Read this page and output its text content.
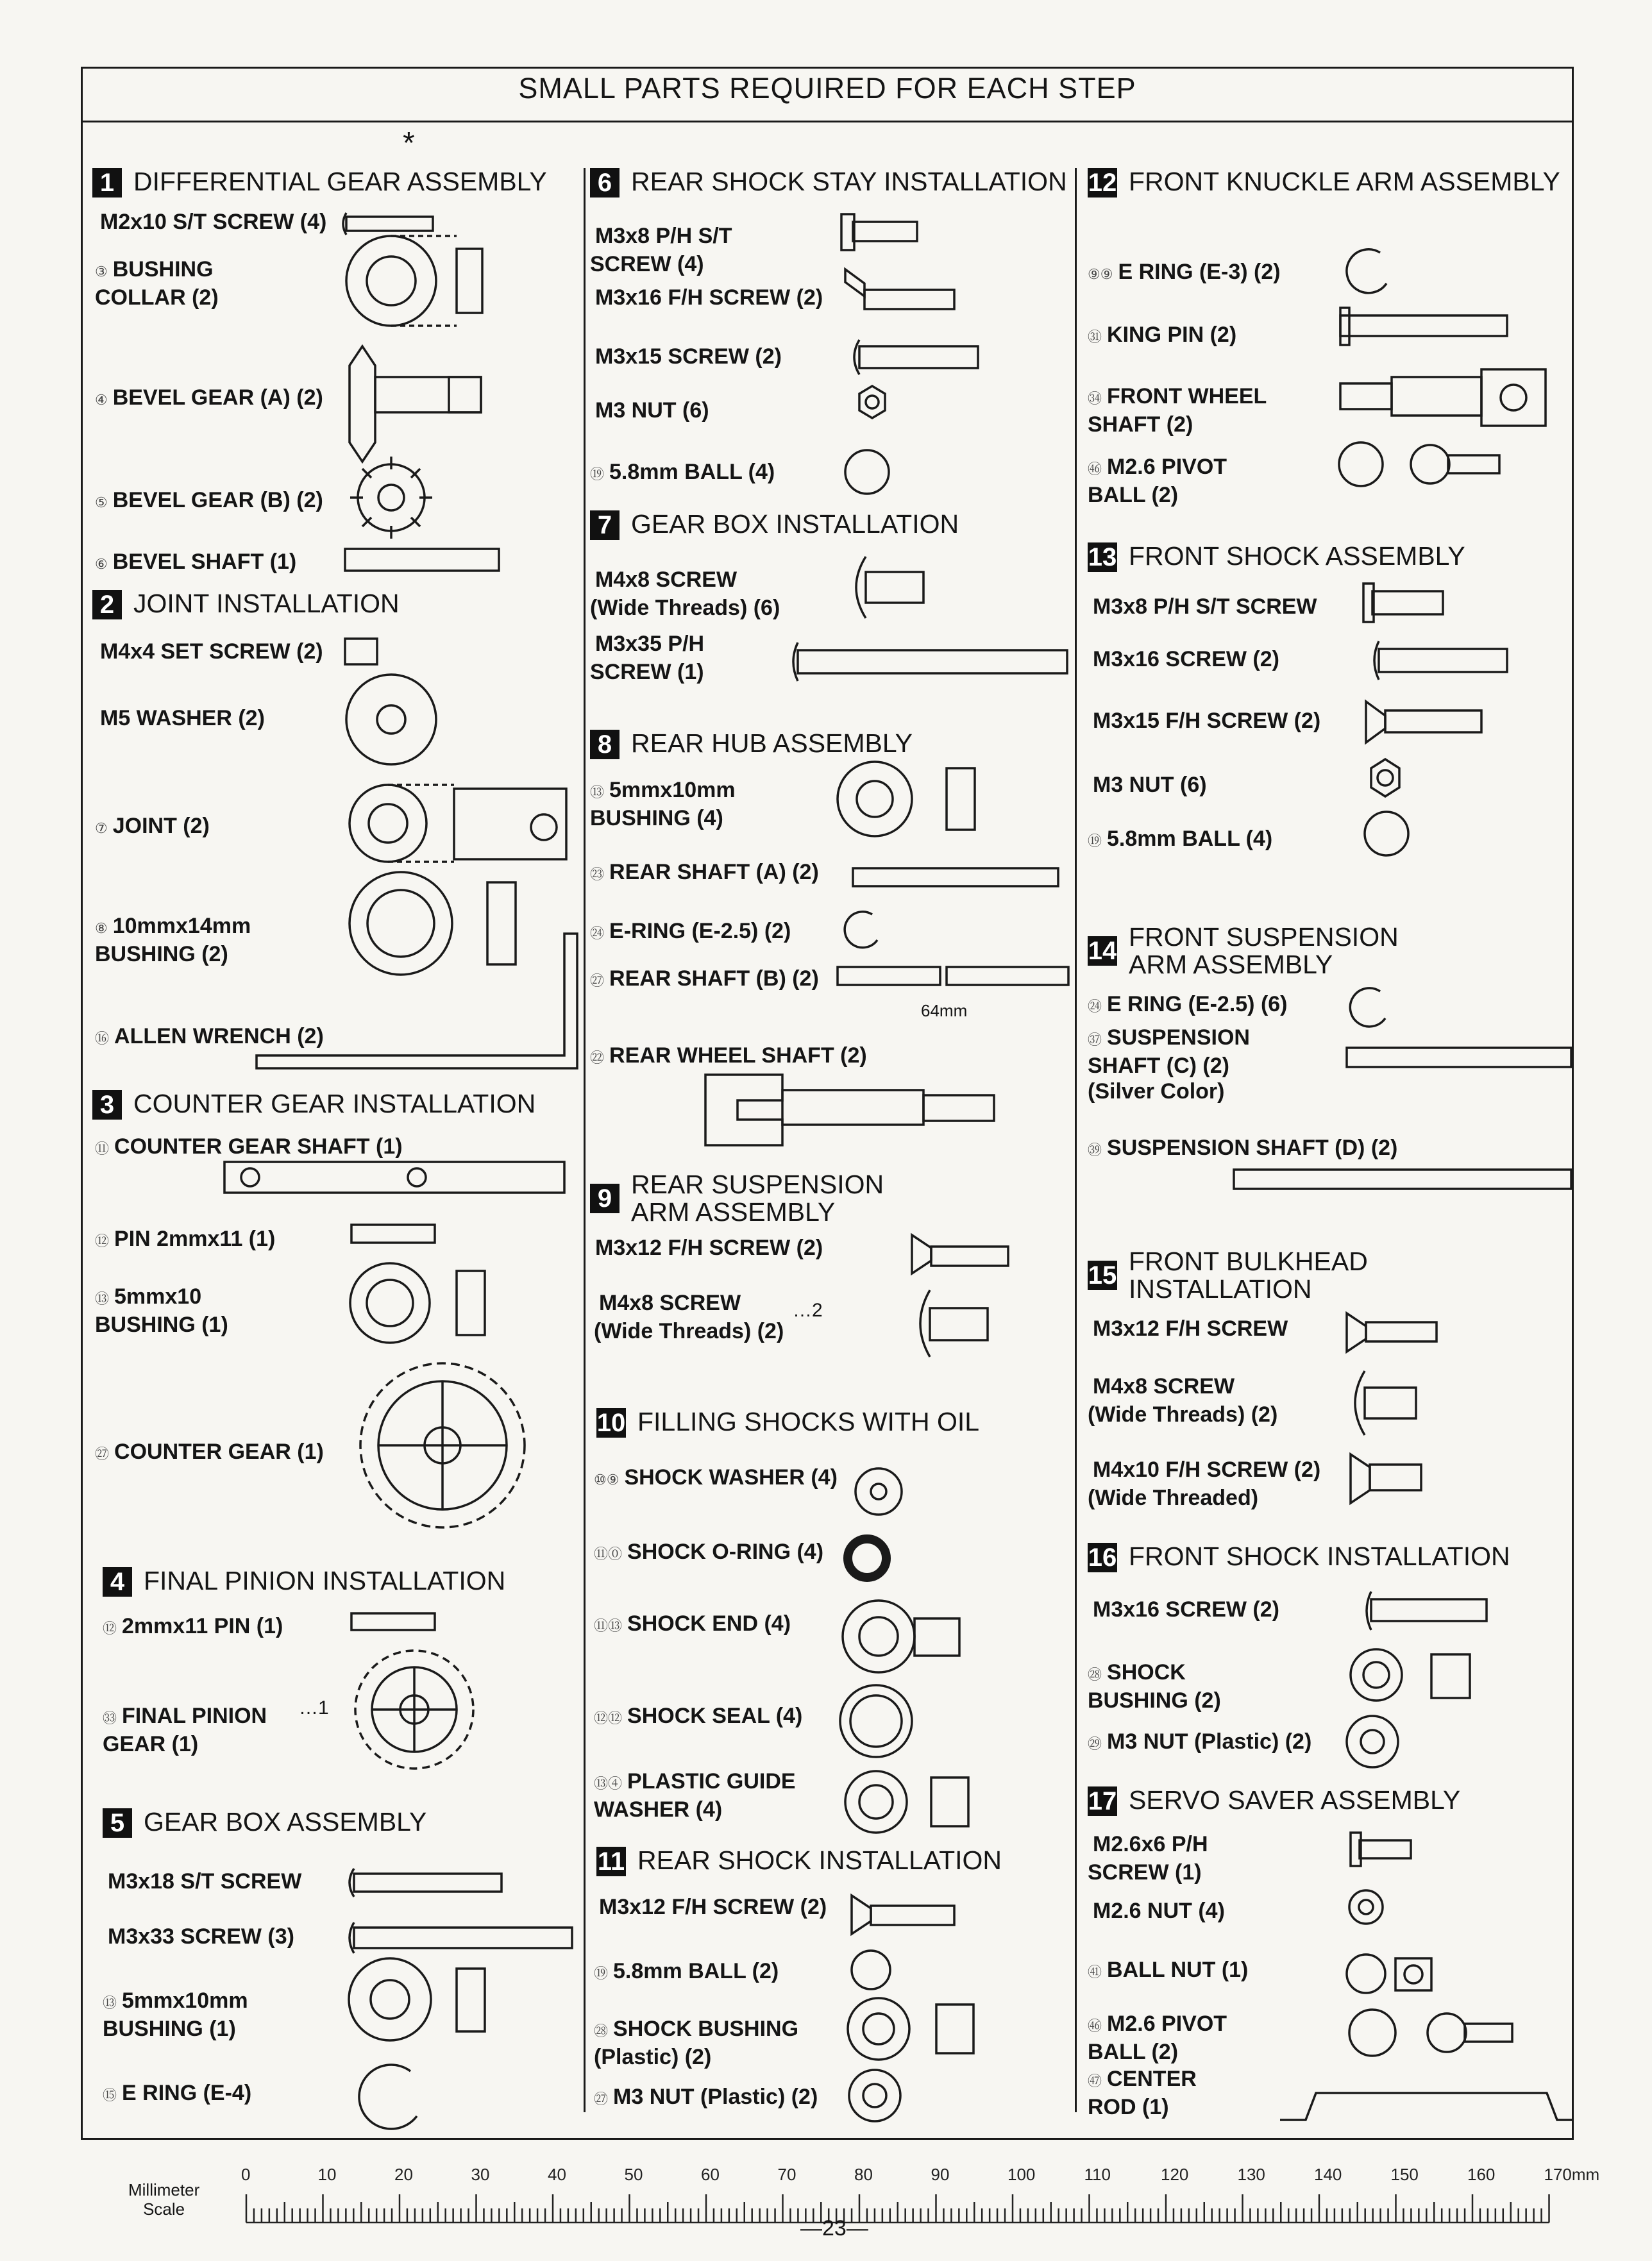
SMALL PARTS REQUIRED FOR EACH STEP
*
1 DIFFERENTIAL GEAR ASSEMBLY
2 JOINT INSTALLATION
3 COUNTER GEAR INSTALLATION
4 FINAL PINION INSTALLATION
5 GEAR BOX ASSEMBLY
6 REAR SHOCK STAY INSTALLATION
7 GEAR BOX INSTALLATION
8 REAR HUB ASSEMBLY
9 REAR SUSPENSION
ARM ASSEMBLY
10 FILLING SHOCKS WITH OIL
11 REAR SHOCK INSTALLATION
12 FRONT KNUCKLE ARM ASSEMBLY
13 FRONT SHOCK ASSEMBLY
14 FRONT SUSPENSION
ARM ASSEMBLY
15 FRONT BULKHEAD
INSTALLATION
16 FRONT SHOCK INSTALLATION
17 SERVO SAVER ASSEMBLY
M2x10 S/T SCREW (4)
③ BUSHING
COLLAR (2)
④ BEVEL GEAR (A) (2)
⑤ BEVEL GEAR (B) (2)
⑥ BEVEL SHAFT (1)
M4x4 SET SCREW (2)
M5 WASHER (2)
⑦ JOINT (2)
⑧ 10mmx14mm
BUSHING (2)
⑯ ALLEN WRENCH (2)
⑪ COUNTER GEAR SHAFT (1)
⑫ PIN 2mmx11 (1)
⑬ 5mmx10
BUSHING (1)
㉗ COUNTER GEAR (1)
⑫ 2mmx11 PIN (1)
㉝ FINAL PINION
GEAR (1)
M3x18 S/T SCREW
M3x33 SCREW (3)
⑬ 5mmx10mm
BUSHING (1)
⑮ E RING (E-4)
M3x8 P/H S/T
SCREW (4)
M3x16 F/H SCREW (2)
M3x15 SCREW (2)
M3 NUT (6)
⑲ 5.8mm BALL (4)
M4x8 SCREW
(Wide Threads) (6)
M3x35 P/H
SCREW (1)
⑬ 5mmx10mm
BUSHING (4)
㉓ REAR SHAFT (A) (2)
㉔ E-RING (E-2.5) (2)
㉗ REAR SHAFT (B) (2)
㉒ REAR WHEEL SHAFT (2)
M3x12 F/H SCREW (2)
M4x8 SCREW
(Wide Threads) (2)
⑩⑨ SHOCK WASHER (4)
⑪⓪ SHOCK O-RING (4)
⑪⑬ SHOCK END (4)
⑫⑫ SHOCK SEAL (4)
⑬④ PLASTIC GUIDE
WASHER (4)
M3x12 F/H SCREW (2)
⑲ 5.8mm BALL (2)
㉘ SHOCK BUSHING
(Plastic) (2)
㉗ M3 NUT (Plastic) (2)
⑨⑨ E RING (E-3) (2)
㉛ KING PIN (2)
㉞ FRONT WHEEL
SHAFT (2)
㊻ M2.6 PIVOT
BALL (2)
M3x8 P/H S/T SCREW
M3x16 SCREW (2)
M3x15 F/H SCREW (2)
M3 NUT (6)
⑲ 5.8mm BALL (4)
㉔ E RING (E-2.5) (6)
㊲ SUSPENSION
SHAFT (C) (2)
(Silver Color)
㊴ SUSPENSION SHAFT (D) (2)
M3x12 F/H SCREW
M4x8 SCREW
(Wide Threads) (2)
M4x10 F/H SCREW (2)
(Wide Threaded)
M3x16 SCREW (2)
㉘ SHOCK
BUSHING (2)
㉙ M3 NUT (Plastic) (2)
M2.6x6 P/H
SCREW (1)
M2.6 NUT (4)
㊶ BALL NUT (1)
㊻ M2.6 PIVOT
BALL (2)
㊼ CENTER
ROD (1)
…1
…2
64mm
Millimeter
Scale
0	10	20	30	40	50	60	70	80	90	100	110	120	130	140	150	160	170mm
—23—
